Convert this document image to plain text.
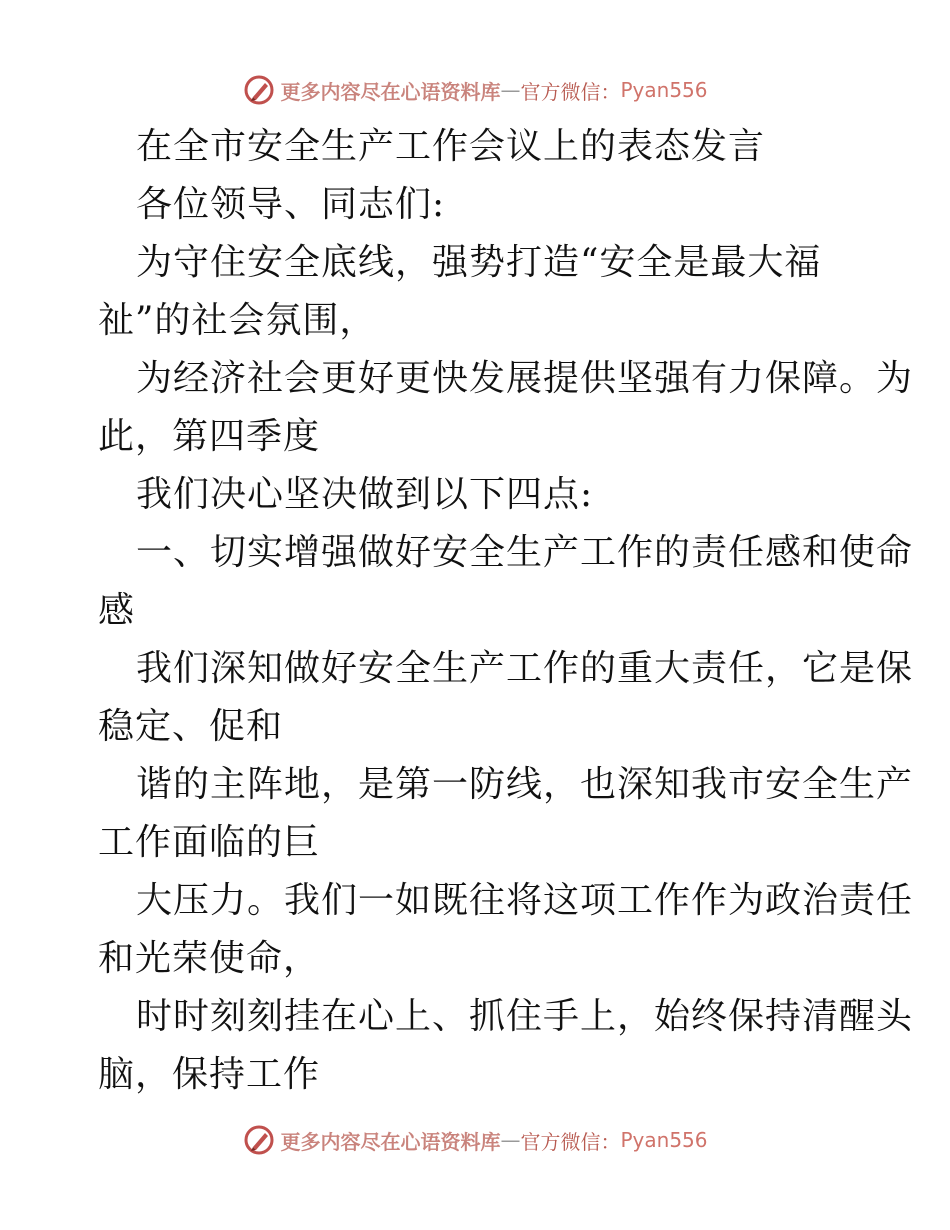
更多内容尽在心语资料库 — 官方微信： Pyan556
在全市安全生产工作会议上的表态发言
各位领导、同志们:
为守住安全底线，强势打造“安全是最大福
祉”的社会氛围，
为经济社会更好更快发展提供坚强有力保障。为
此，第四季度
我们决心坚决做到以下四点:
一、切实增强做好安全生产工作的责任感和使命
感
我们深知做好安全生产工作的重大责任，它是保
稳定、促和
谐的主阵地，是第一防线，也深知我市安全生产
工作面临的巨
大压力。我们一如既往将这项工作作为政治责任
和光荣使命，
时时刻刻挂在心上、抓住手上，始终保持清醒头
脑，保持工作
更多内容尽在心语资料库 — 官方微信： Pyan556
